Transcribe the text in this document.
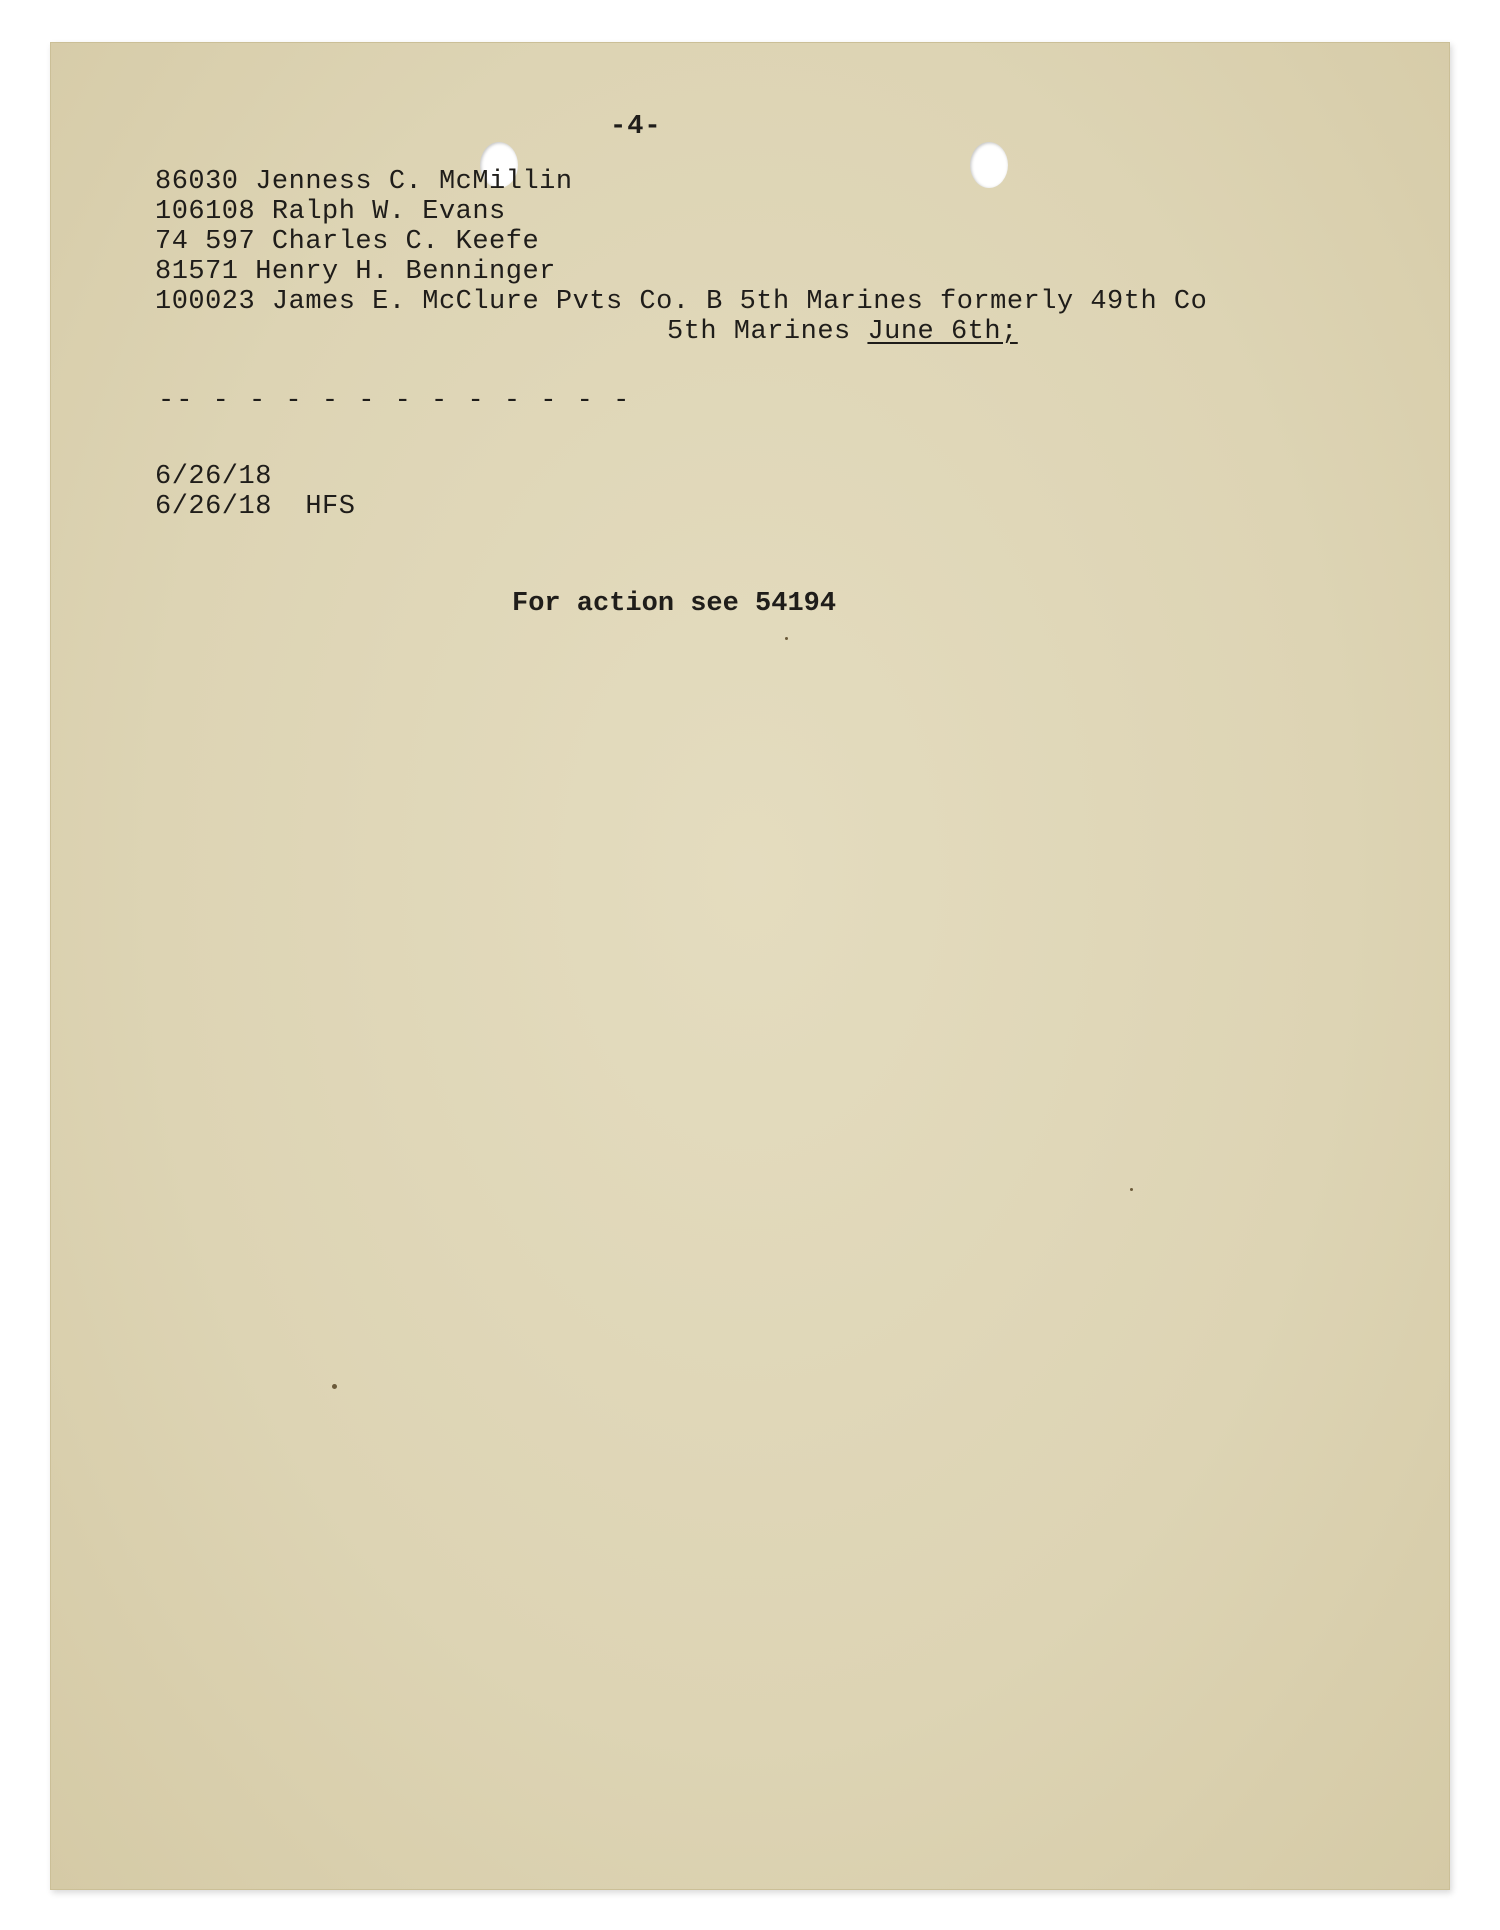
-4-
86030 Jenness C. McMillin
106108 Ralph W. Evans
74 597 Charles C. Keefe
81571 Henry H. Benninger
100023 James E. McClure Pvts Co. B 5th Marines formerly 49th Co
5th Marines June 6th;
-- - - - - - - - - - - - -
6/26/18
6/26/18  HFS
For action see 54194
